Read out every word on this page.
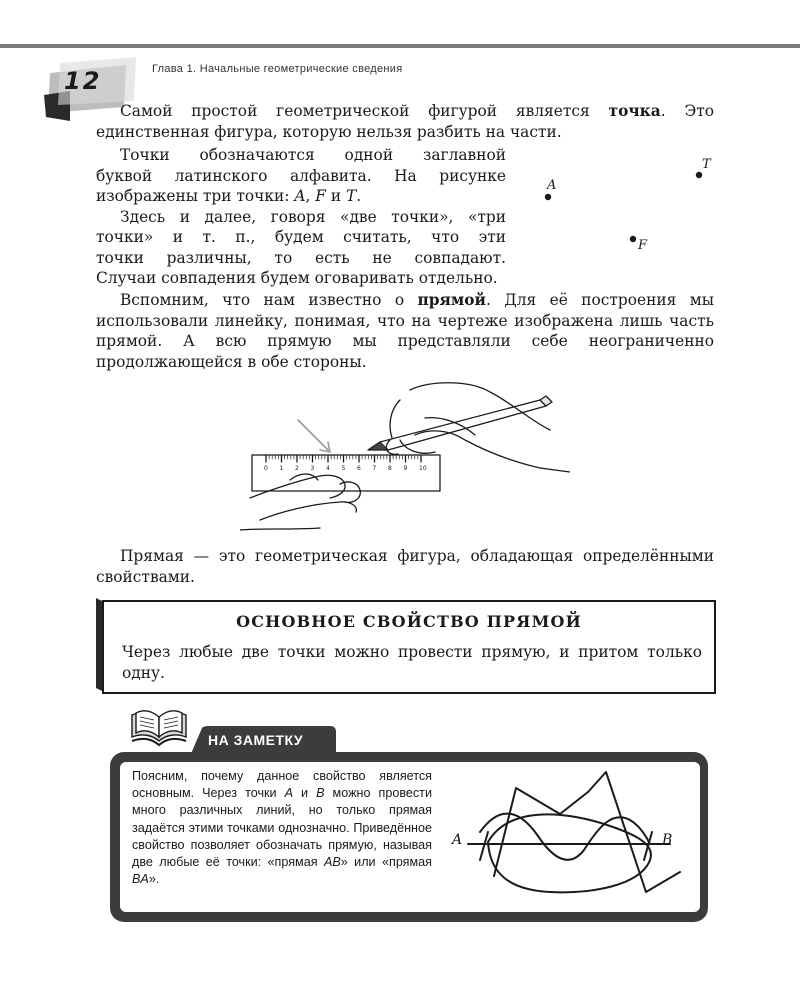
12	Глава 1. Начальные геометрические сведения

Самой простой геометрической фигурой является точка. Это единственная фигура, которую нельзя разбить на части.

Точки обозначаются одной заглавной
буквой латинского алфавита. На рисунке
изображены три точки: A, F и T.
Здесь и далее, говоря «две точки», «три
точки» и т. п., будем считать, что эти
точки различны, то есть не совпадают.
Случаи совпадения будем оговаривать отдельно.
A
T
F

Вспомним, что нам известно о прямой. Для её построения мы использовали линейку, понимая, что на чертеже изображена лишь часть прямой. А всю прямую мы представляли себе неограниченно продолжающейся в обе стороны.

0 1 2 3 4 5 6 7 8 9 10

Прямая — это геометрическая фигура, обладающая определёнными свойствами.

ОСНОВНОЕ СВОЙСТВО ПРЯМОЙ
Через любые две точки можно провести прямую, и притом только одну.
НА ЗАМЕТКУ
Поясним, почему данное свойство является основным. Через точки A и B можно провести много различных линий, но только прямая задаётся этими точками однозначно. Приведённое свойство позволяет обозначать прямую, называя две любые её точки: «прямая AB» или «прямая BA».
A	B
